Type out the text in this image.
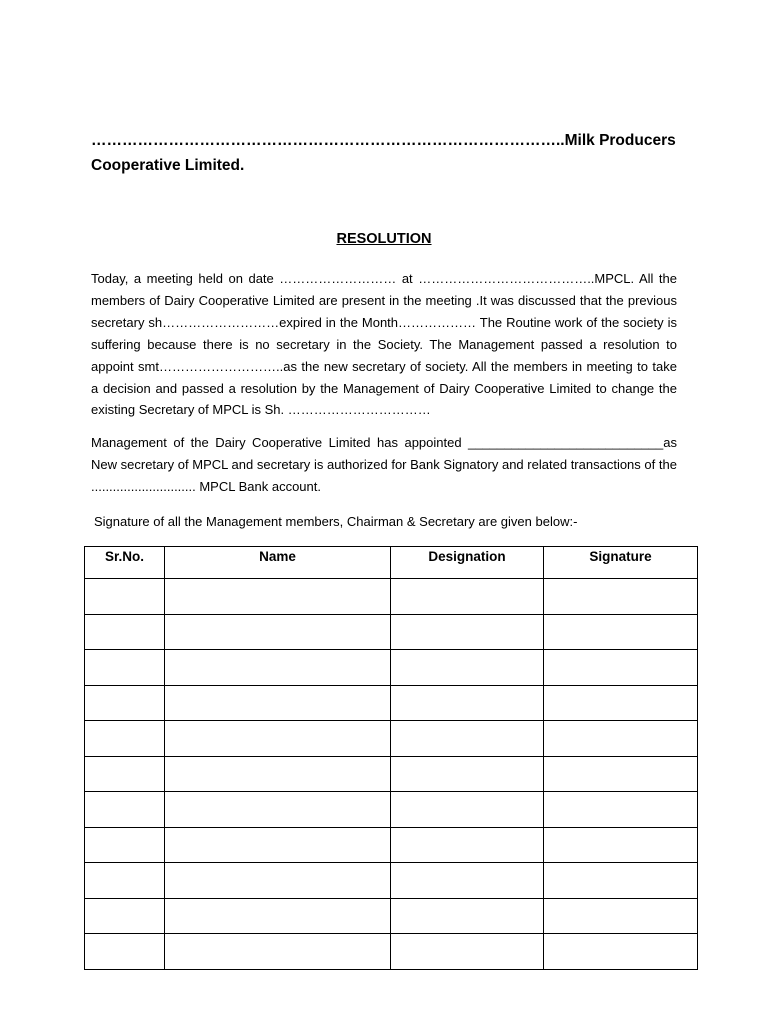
………………………………………………………………………………..Milk Producers Cooperative Limited.
RESOLUTION

Today, a meeting held on date ……………………… at …………………………………..MPCL. All the members of Dairy Cooperative Limited are present in the meeting .It was discussed that the previous secretary sh………………………expired in the Month……………… The Routine work of the society is suffering because there is no secretary in the Society. The Management passed a resolution to appoint smt………………………..as the new secretary of society. All the members in meeting to take a decision and passed a resolution by the Management of Dairy Cooperative Limited to change the existing Secretary of MPCL is Sh. ……………………………

Management of the Dairy Cooperative Limited has appointed ___________________________as New secretary of MPCL and secretary is authorized for Bank Signatory and related transactions of the ............................. MPCL Bank account.

Signature of all the Management members, Chairman & Secretary are given below:-
Sr.No.	Name	Designation	Signature
